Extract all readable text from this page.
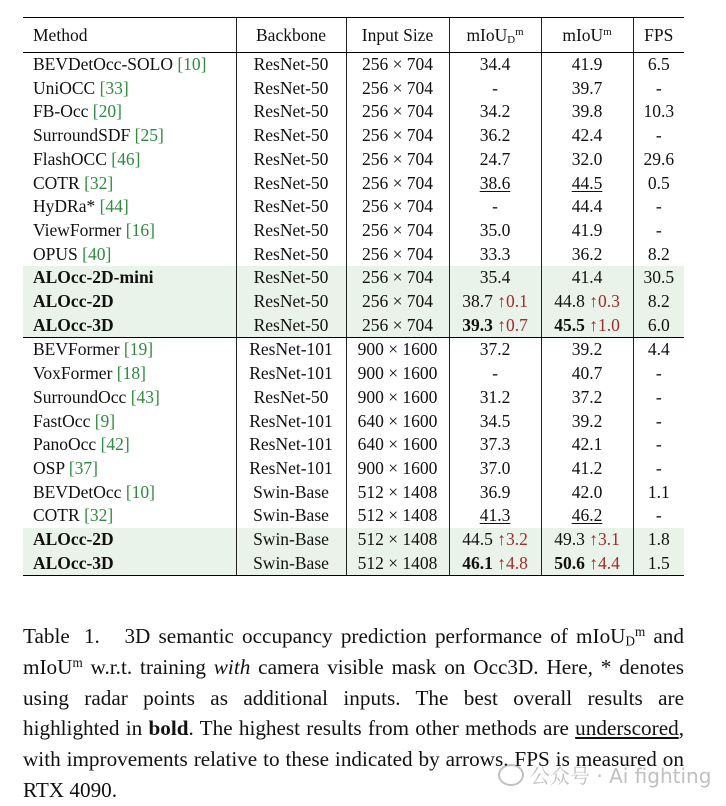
Method	Backbone	Input Size	mIoU$_D^m$	mIoU$^m$	FPS
BEVDetOcc-SOLO [10]	ResNet-50	256 × 704	34.4	41.9	6.5
UniOCC [33]	ResNet-50	256 × 704	-	39.7	-
FB-Occ [20]	ResNet-50	256 × 704	34.2	39.8	10.3
SurroundSDF [25]	ResNet-50	256 × 704	36.2	42.4	-
FlashOCC [46]	ResNet-50	256 × 704	24.7	32.0	29.6
COTR [32]	ResNet-50	256 × 704	38.6	44.5	0.5
HyDRa* [44]	ResNet-50	256 × 704	-	44.4	-
ViewFormer [16]	ResNet-50	256 × 704	35.0	41.9	-
OPUS [40]	ResNet-50	256 × 704	33.3	36.2	8.2
ALOcc-2D-mini	ResNet-50	256 × 704	35.4	41.4	30.5
ALOcc-2D	ResNet-50	256 × 704	38.7 ↑0.1	44.8 ↑0.3	8.2
ALOcc-3D	ResNet-50	256 × 704	39.3 ↑0.7	45.5 ↑1.0	6.0
BEVFormer [19]	ResNet-101	900 × 1600	37.2	39.2	4.4
VoxFormer [18]	ResNet-101	900 × 1600	-	40.7	-
SurroundOcc [43]	ResNet-50	900 × 1600	31.2	37.2	-
FastOcc [9]	ResNet-101	640 × 1600	34.5	39.2	-
PanoOcc [42]	ResNet-101	640 × 1600	37.3	42.1	-
OSP [37]	ResNet-101	900 × 1600	37.0	41.2	-
BEVDetOcc [10]	Swin-Base	512 × 1408	36.9	42.0	1.1
COTR [32]	Swin-Base	512 × 1408	41.3	46.2	-
ALOcc-2D	Swin-Base	512 × 1408	44.5 ↑3.2	49.3 ↑3.1	1.8
ALOcc-3D	Swin-Base	512 × 1408	46.1 ↑4.8	50.6 ↑4.4	1.5
Table 1. 3D semantic occupancy prediction performance of mIoU$_D^m$ and mIoU$^m$ w.r.t. training with camera visible mask on Occ3D. Here, * denotes using radar points as additional inputs. The best overall results are highlighted in bold. The highest results from other methods are underscored, with improvements relative to these indicated by arrows. FPS is measured on RTX 4090.
公众号 · Ai fighting
